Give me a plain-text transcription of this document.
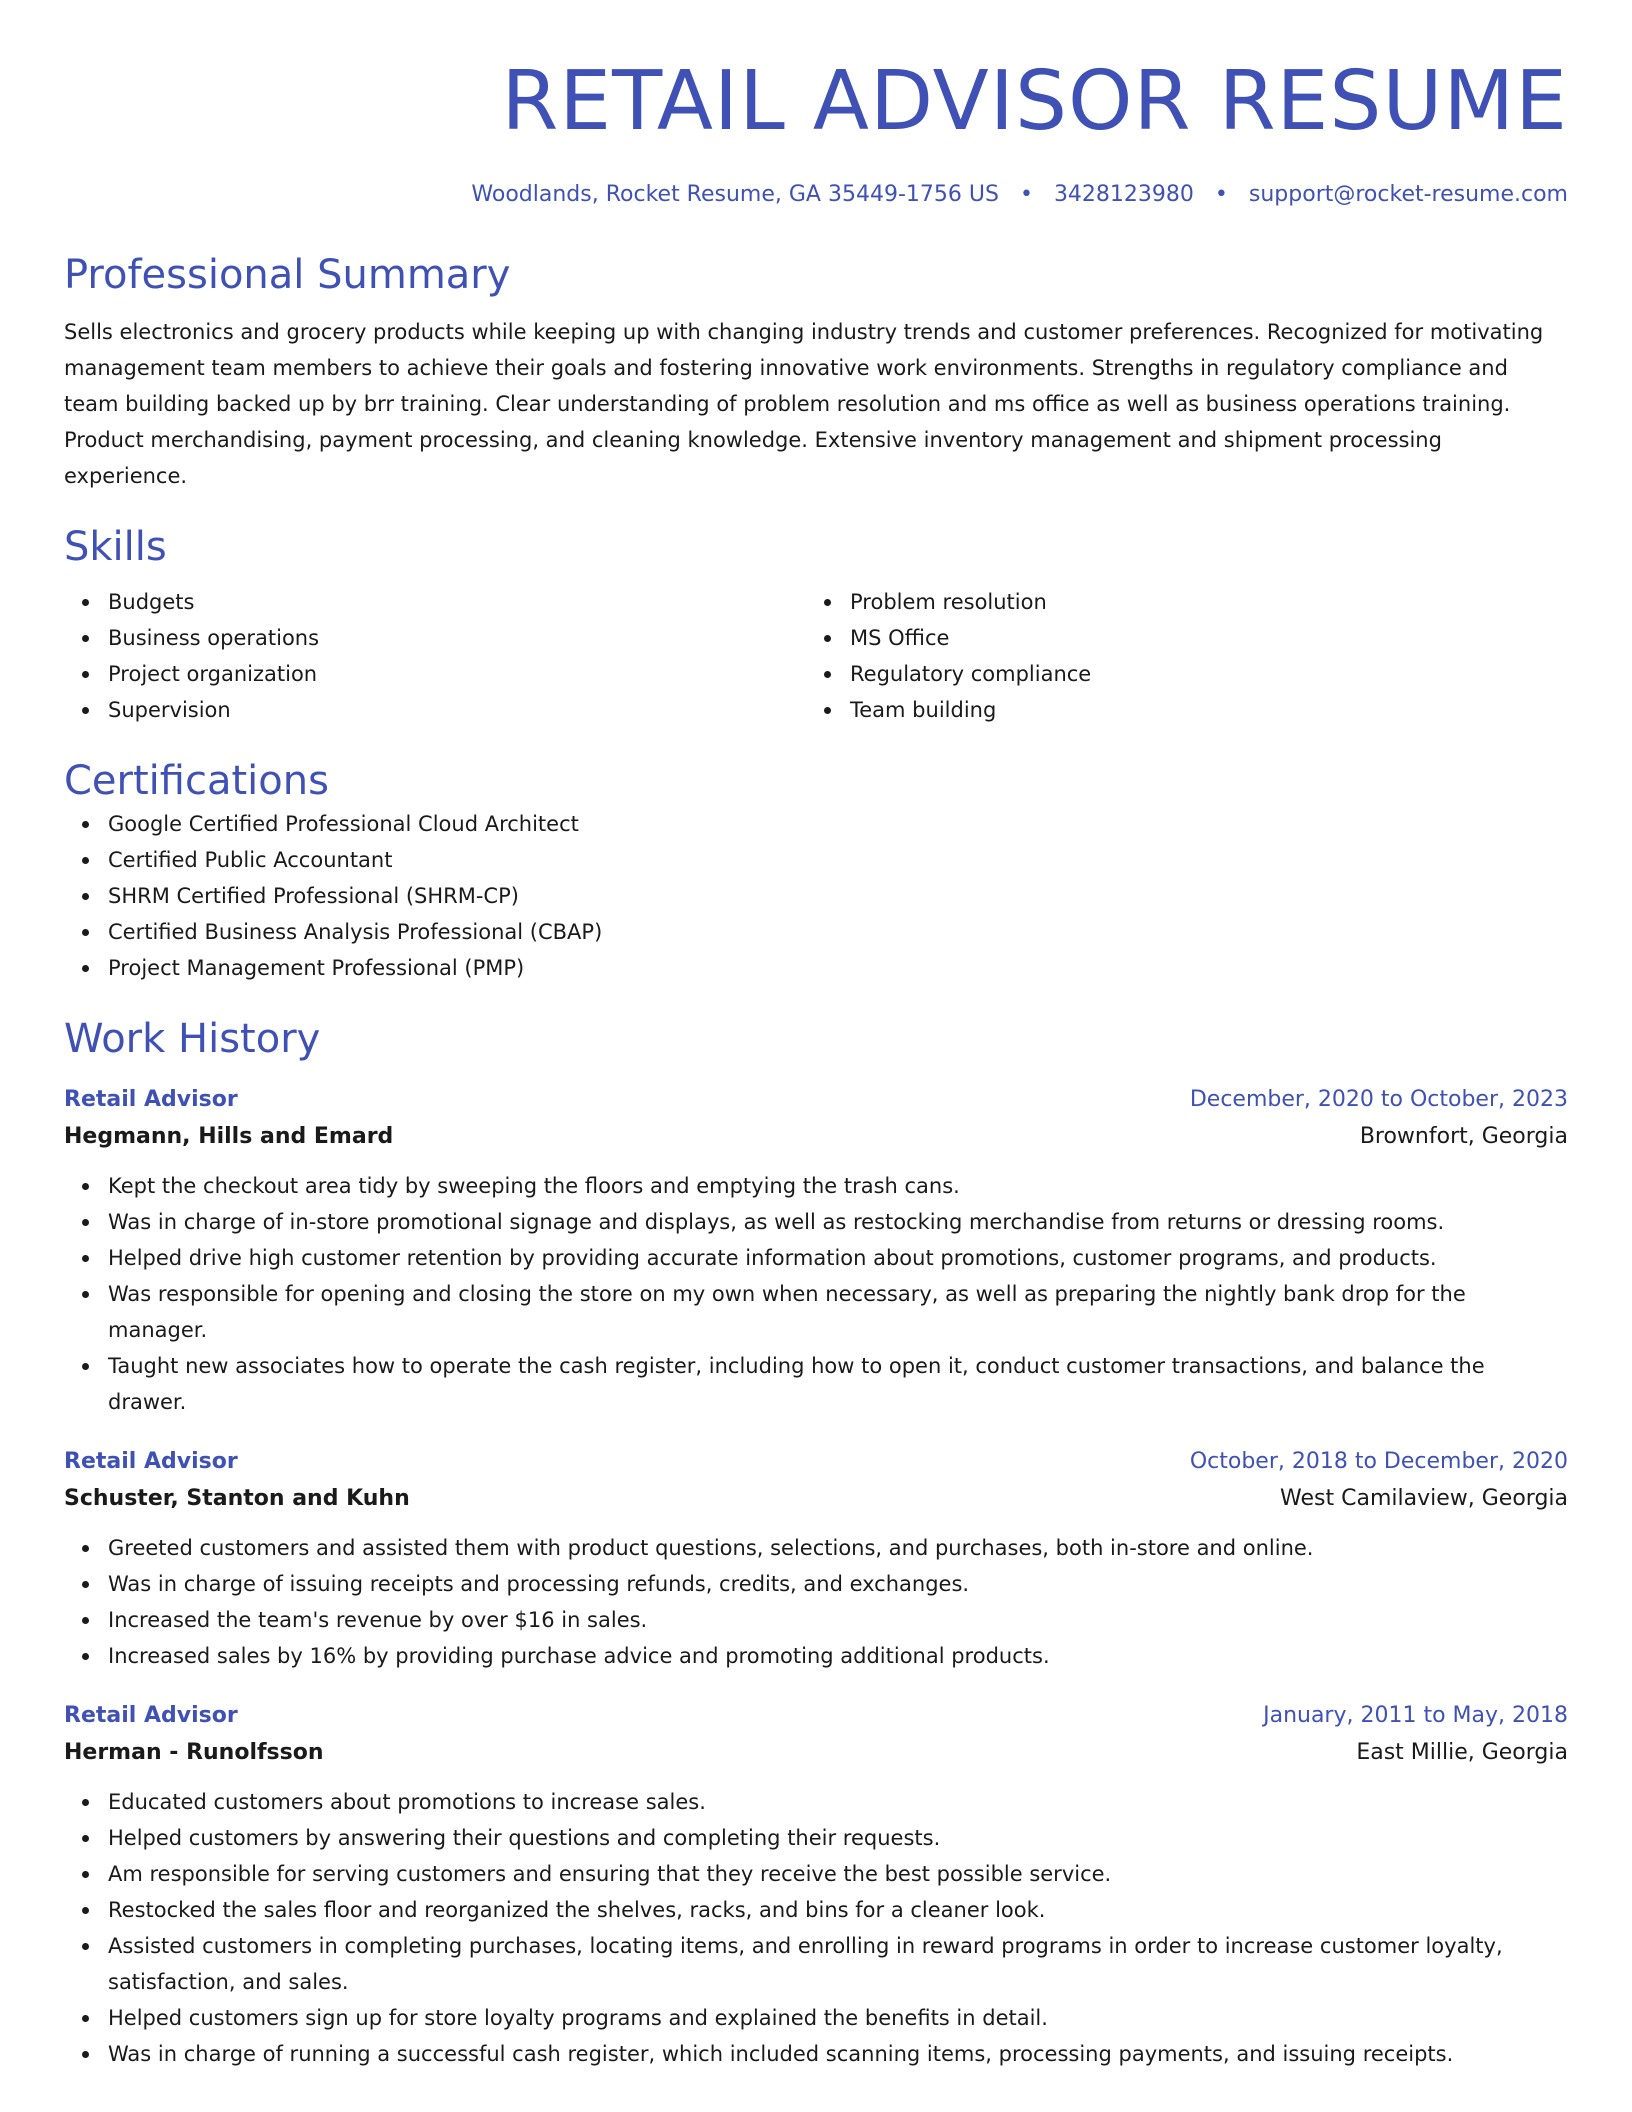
RETAIL ADVISOR RESUME
Woodlands, Rocket Resume, GA 35449-1756 US • 3428123980 • support@rocket-resume.com
Professional Summary
Sells electronics and grocery products while keeping up with changing industry trends and customer preferences. Recognized for motivating management team members to achieve their goals and fostering innovative work environments. Strengths in regulatory compliance and team building backed up by brr training. Clear understanding of problem resolution and ms office as well as business operations training. Product merchandising, payment processing, and cleaning knowledge. Extensive inventory management and shipment processing experience.
Skills
Budgets
Business operations
Project organization
Supervision
Problem resolution
MS Office
Regulatory compliance
Team building
Certifications
Google Certified Professional Cloud Architect
Certified Public Accountant
SHRM Certified Professional (SHRM-CP)
Certified Business Analysis Professional (CBAP)
Project Management Professional (PMP)
Work History
Retail Advisor	December, 2020 to October, 2023
Hegmann, Hills and Emard	Brownfort, Georgia
Kept the checkout area tidy by sweeping the floors and emptying the trash cans.
Was in charge of in-store promotional signage and displays, as well as restocking merchandise from returns or dressing rooms.
Helped drive high customer retention by providing accurate information about promotions, customer programs, and products.
Was responsible for opening and closing the store on my own when necessary, as well as preparing the nightly bank drop for the manager.
Taught new associates how to operate the cash register, including how to open it, conduct customer transactions, and balance the drawer.
Retail Advisor	October, 2018 to December, 2020
Schuster, Stanton and Kuhn	West Camilaview, Georgia
Greeted customers and assisted them with product questions, selections, and purchases, both in-store and online.
Was in charge of issuing receipts and processing refunds, credits, and exchanges.
Increased the team's revenue by over $16 in sales.
Increased sales by 16% by providing purchase advice and promoting additional products.
Retail Advisor	January, 2011 to May, 2018
Herman - Runolfsson	East Millie, Georgia
Educated customers about promotions to increase sales.
Helped customers by answering their questions and completing their requests.
Am responsible for serving customers and ensuring that they receive the best possible service.
Restocked the sales floor and reorganized the shelves, racks, and bins for a cleaner look.
Assisted customers in completing purchases, locating items, and enrolling in reward programs in order to increase customer loyalty, satisfaction, and sales.
Helped customers sign up for store loyalty programs and explained the benefits in detail.
Was in charge of running a successful cash register, which included scanning items, processing payments, and issuing receipts.
